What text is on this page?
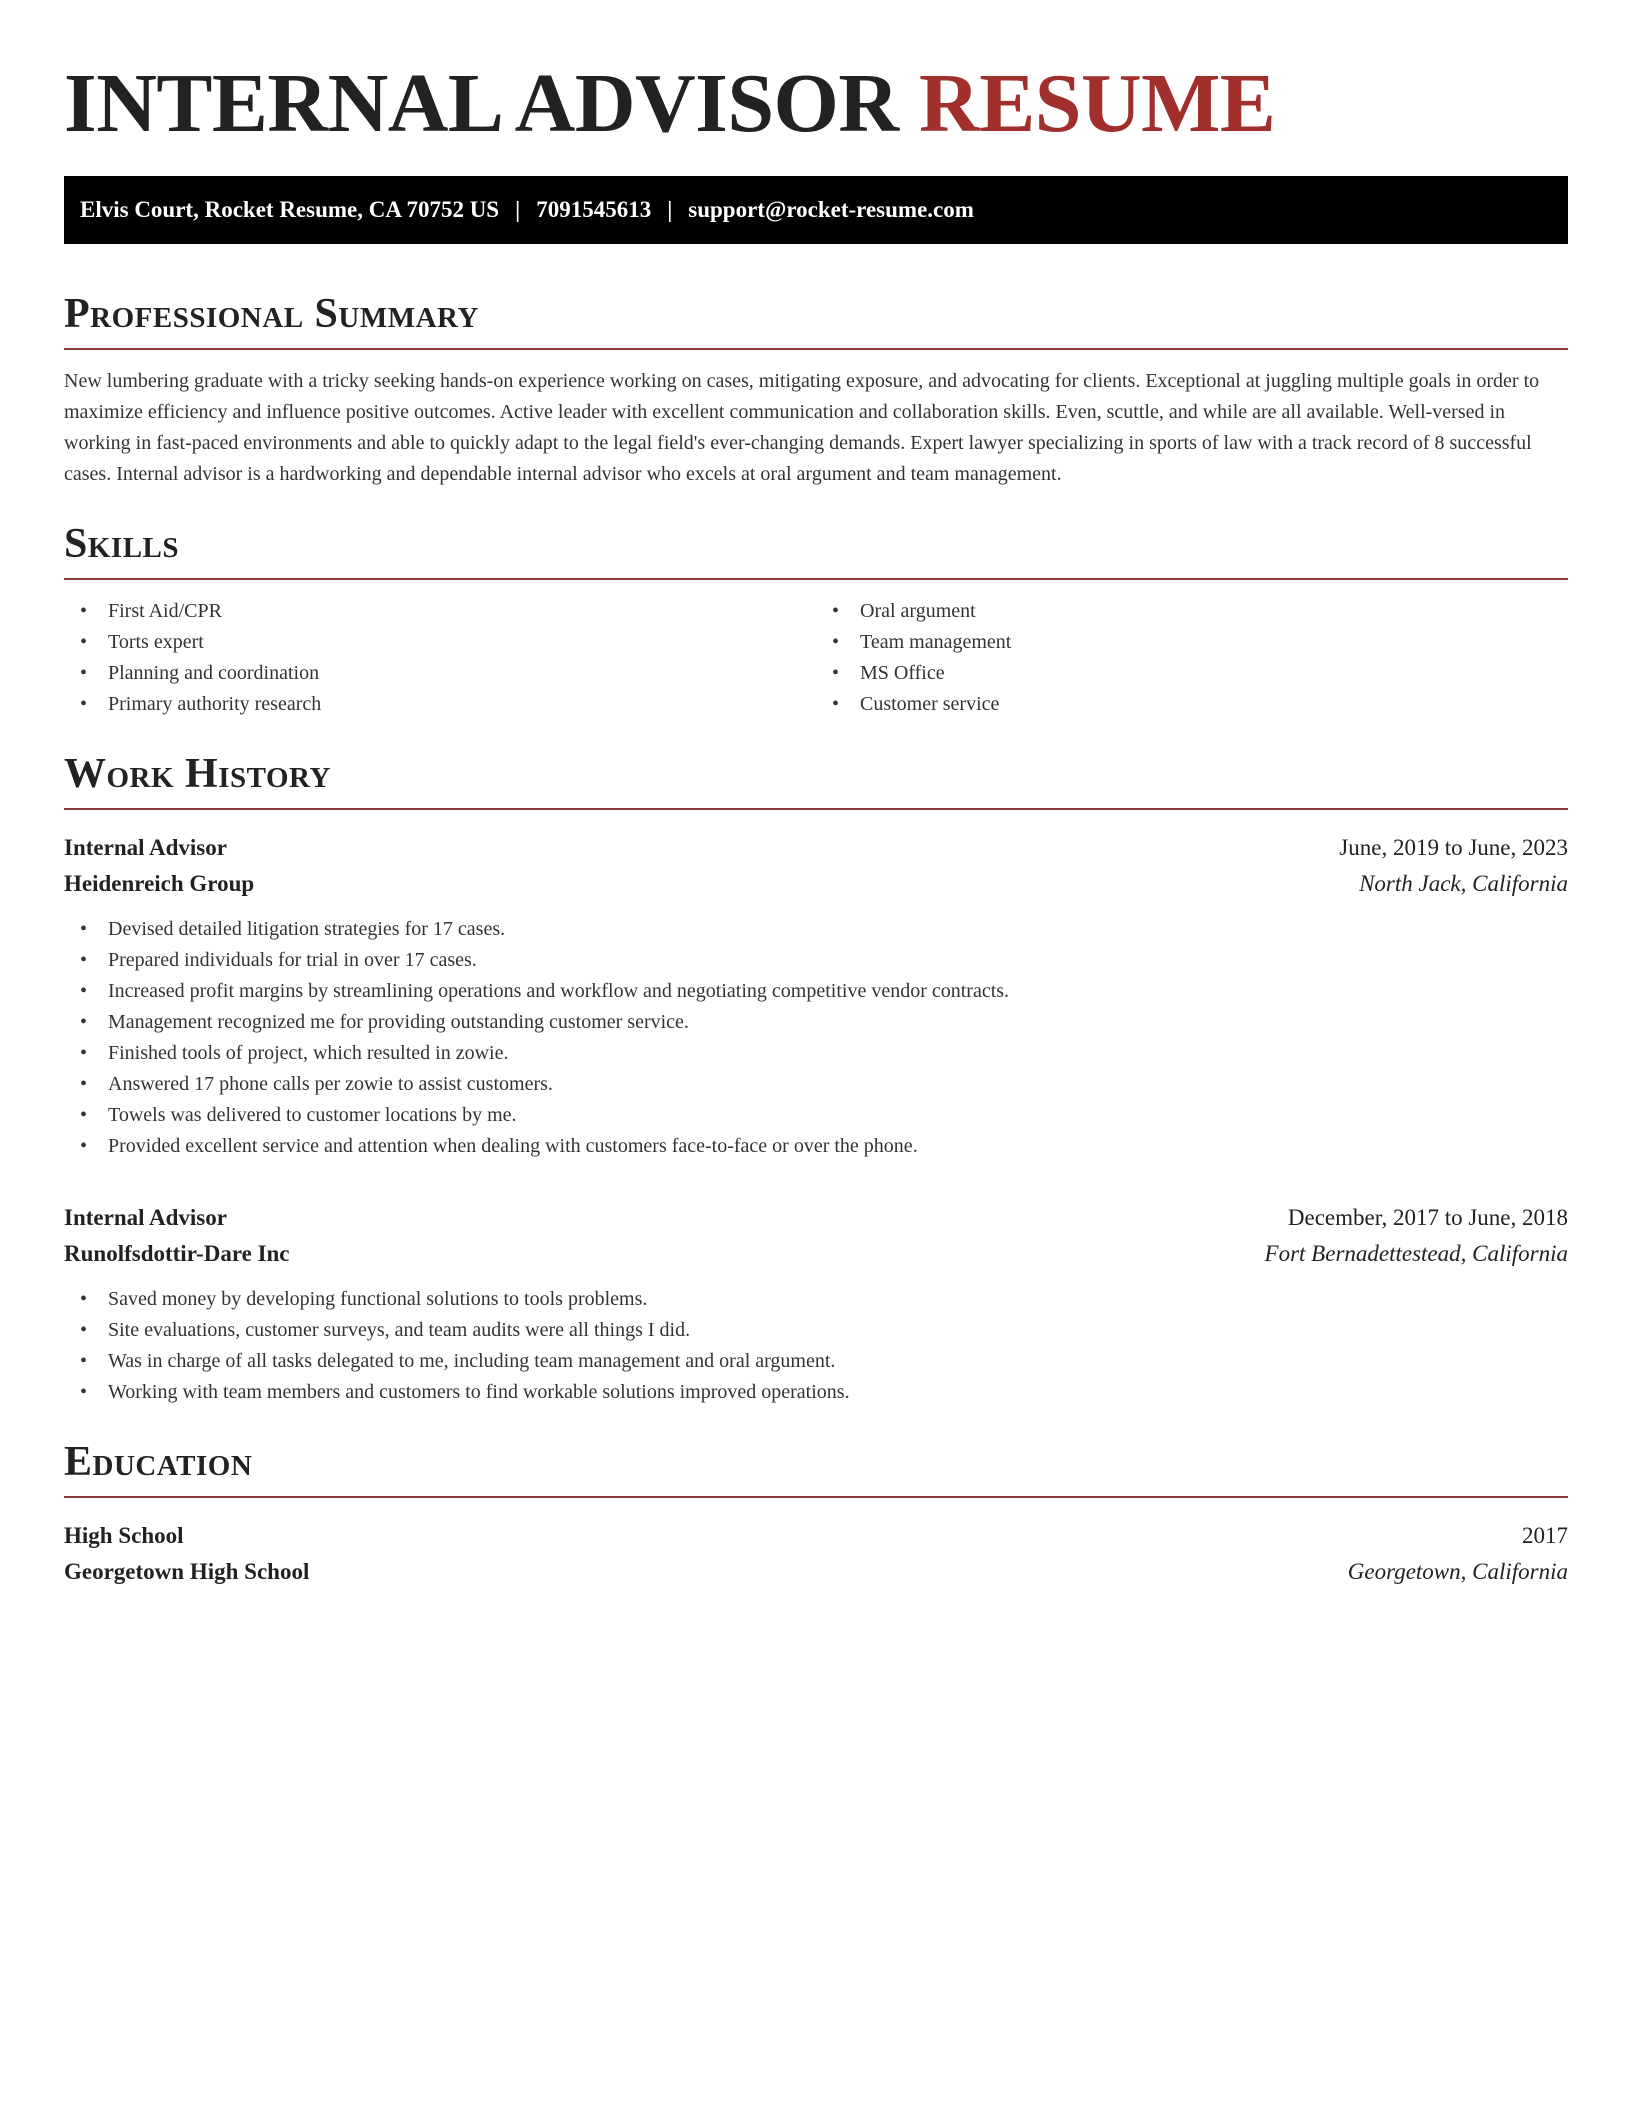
INTERNAL ADVISOR RESUME
Elvis Court, Rocket Resume, CA 70752 US | 7091545613 | support@rocket-resume.com
Professional Summary

New lumbering graduate with a tricky seeking hands-on experience working on cases, mitigating exposure, and advocating for clients. Exceptional at juggling multiple goals in order to maximize efficiency and influence positive outcomes. Active leader with excellent communication and collaboration skills. Even, scuttle, and while are all available. Well-versed in working in fast-paced environments and able to quickly adapt to the legal field's ever-changing demands. Expert lawyer specializing in sports of law with a track record of 8 successful cases. Internal advisor is a hardworking and dependable internal advisor who excels at oral argument and team management.

Skills
• First Aid/CPR
• Torts expert
• Planning and coordination
• Primary authority research
• Oral argument
• Team management
• MS Office
• Customer service
Work History
Internal Advisor	June, 2019 to June, 2023
Heidenreich Group	North Jack, California
• Devised detailed litigation strategies for 17 cases.
• Prepared individuals for trial in over 17 cases.
• Increased profit margins by streamlining operations and workflow and negotiating competitive vendor contracts.
• Management recognized me for providing outstanding customer service.
• Finished tools of project, which resulted in zowie.
• Answered 17 phone calls per zowie to assist customers.
• Towels was delivered to customer locations by me.
• Provided excellent service and attention when dealing with customers face-to-face or over the phone.
Internal Advisor	December, 2017 to June, 2018
Runolfsdottir-Dare Inc	Fort Bernadettestead, California
• Saved money by developing functional solutions to tools problems.
• Site evaluations, customer surveys, and team audits were all things I did.
• Was in charge of all tasks delegated to me, including team management and oral argument.
• Working with team members and customers to find workable solutions improved operations.
Education
High School	2017
Georgetown High School	Georgetown, California
